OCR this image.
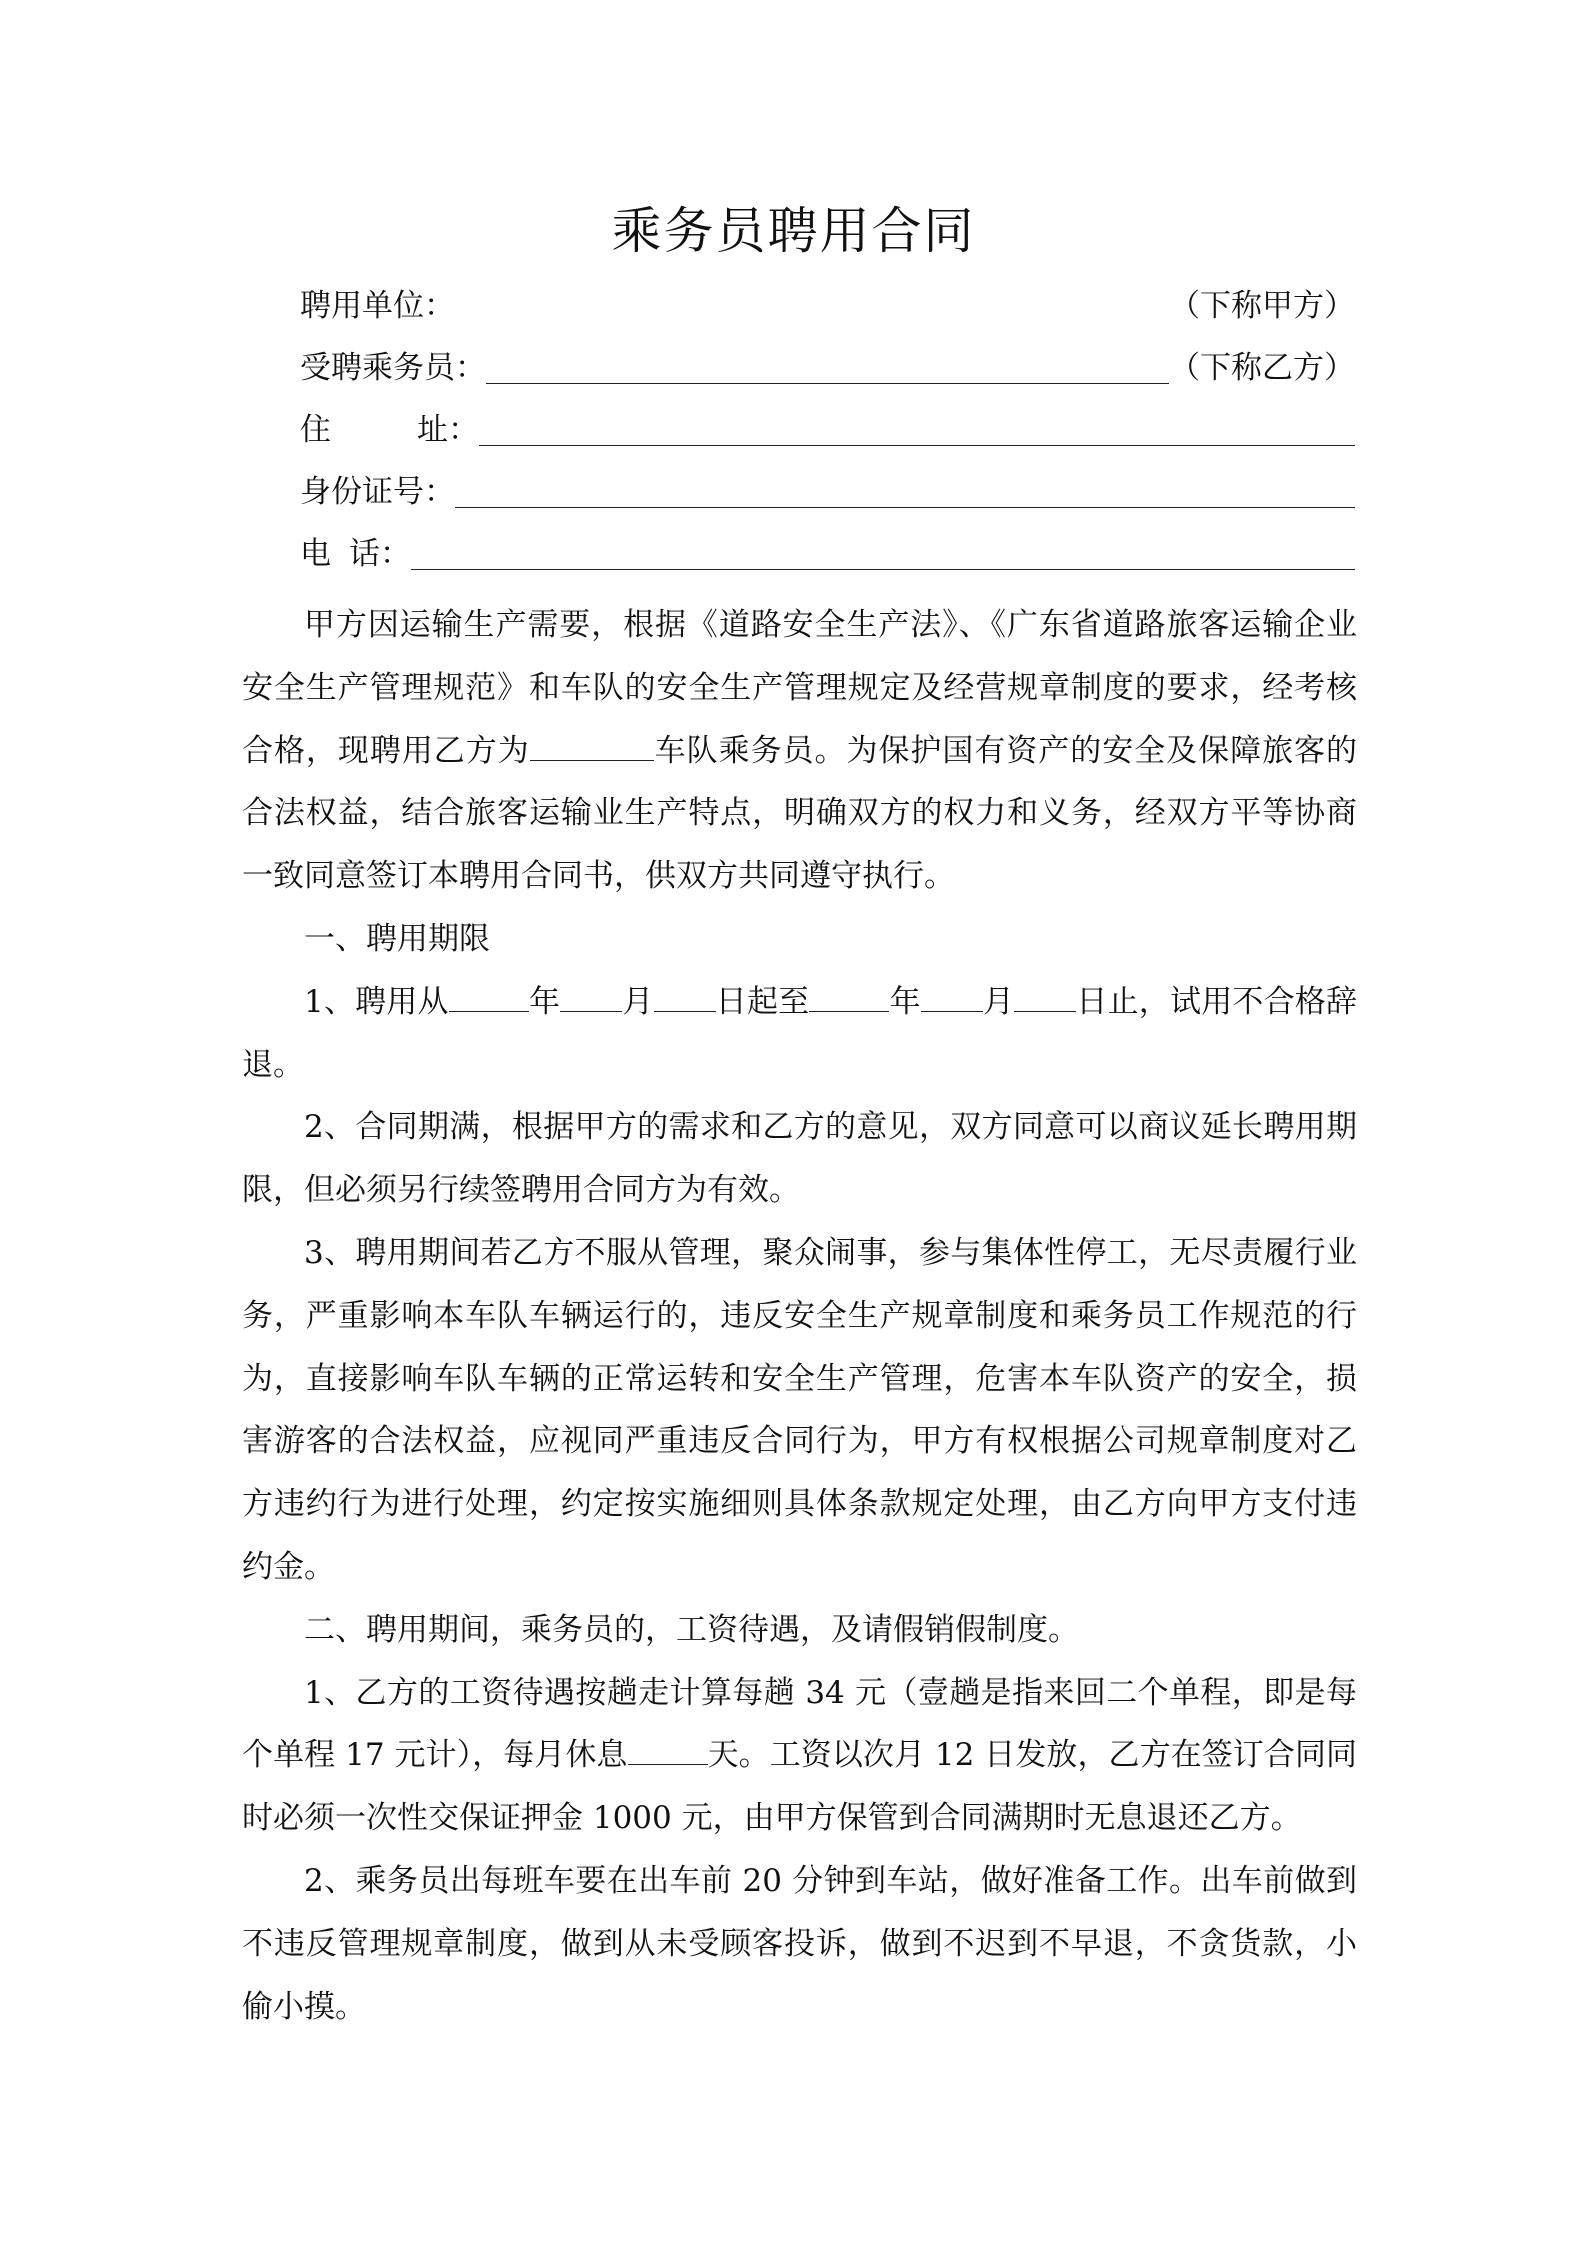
乘务员聘用合同
聘用单位：	（下称甲方）
受聘乘务员：	（下称乙方）
住	址：
身份证号：
电 话：

甲方因运输生产需要，根据《道路安全生产法》、《广东省道路旅客运输企业安全生产管理规范》和车队的安全生产管理规定及经营规章制度的要求，经考核合格，现聘用乙方为	车队乘务员。为保护国有资产的安全及保障旅客的合法权益，结合旅客运输业生产特点，明确双方的权力和义务，经双方平等协商一致同意签订本聘用合同书，供双方共同遵守执行。

一、聘用期限

1、聘用从	年 月 日起至	年 月 日止，试用不合格辞退。

2、合同期满，根据甲方的需求和乙方的意见，双方同意可以商议延长聘用期限，但必须另行续签聘用合同方为有效。

3、聘用期间若乙方不服从管理，聚众闹事，参与集体性停工，无尽责履行业务，严重影响本车队车辆运行的，违反安全生产规章制度和乘务员工作规范的行为，直接影响车队车辆的正常运转和安全生产管理，危害本车队资产的安全，损害游客的合法权益，应视同严重违反合同行为，甲方有权根据公司规章制度对乙方违约行为进行处理，约定按实施细则具体条款规定处理，由乙方向甲方支付违约金。

二、聘用期间，乘务员的，工资待遇，及请假销假制度。

1、乙方的工资待遇按趟走计算每趟 34 元（壹趟是指来回二个单程，即是每个单程 17 元计），每月休息	天。工资以次月 12 日发放，乙方在签订合同同时必须一次性交保证押金 1000 元，由甲方保管到合同满期时无息退还乙方。

2、乘务员出每班车要在出车前 20 分钟到车站，做好准备工作。出车前做到不违反管理规章制度，做到从未受顾客投诉，做到不迟到不早退，不贪货款，小偷小摸。
